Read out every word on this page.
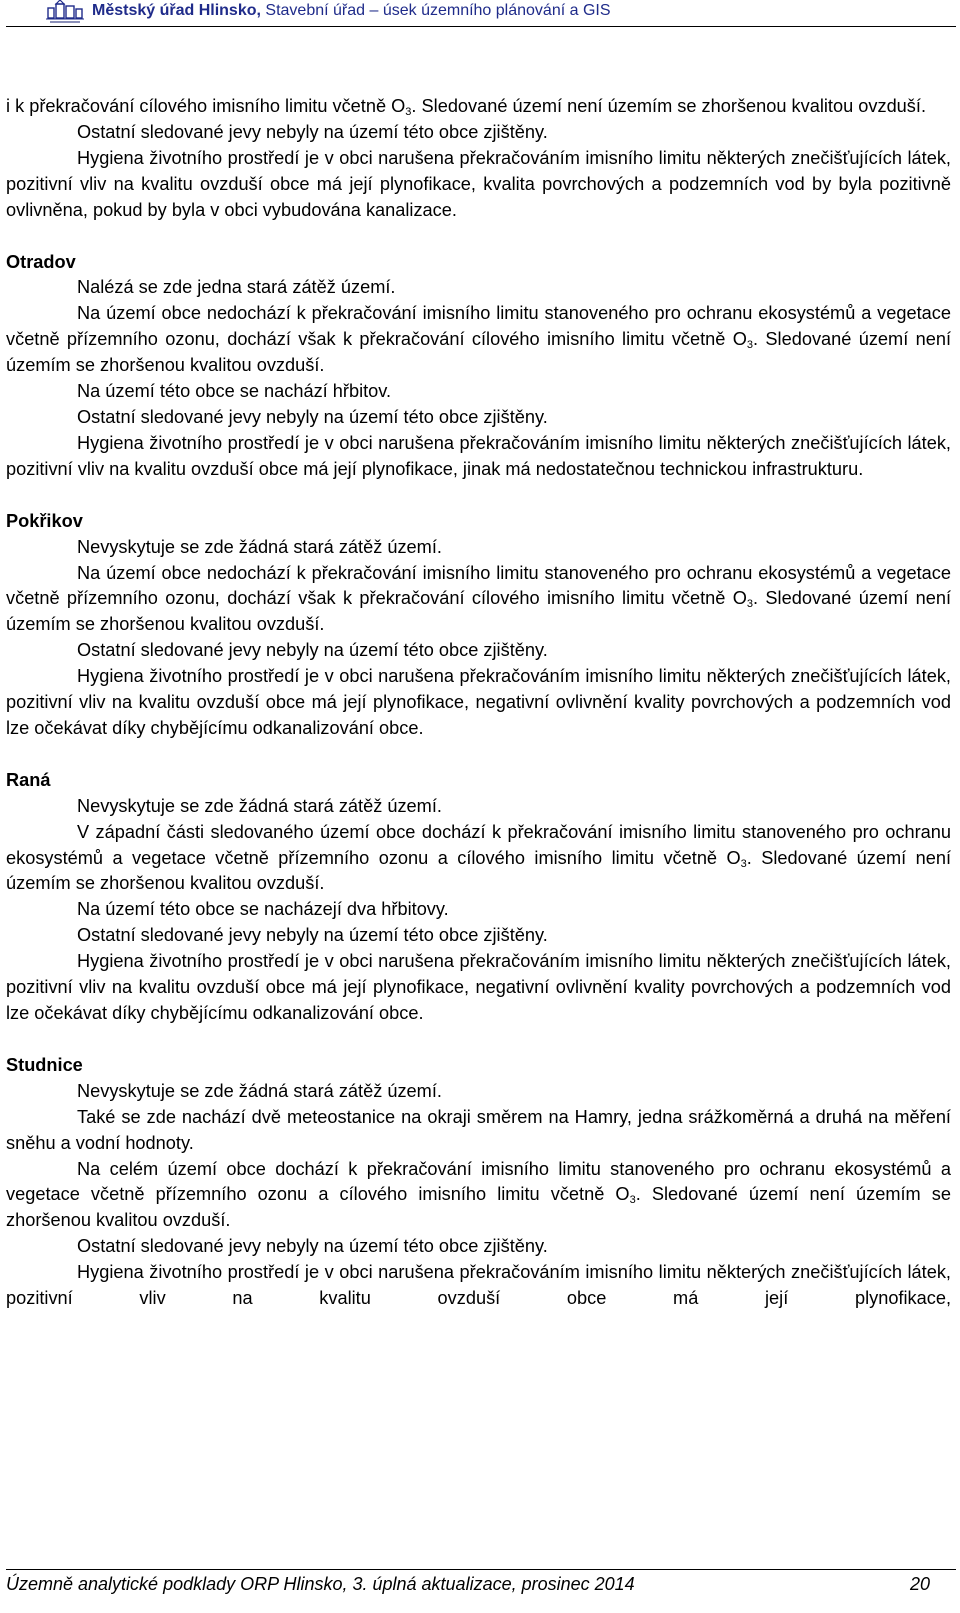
Městský úřad Hlinsko, Stavební úřad – úsek územního plánování a GIS

i k překračování cílového imisního limitu včetně $O_3$. Sledované území není územím se zhoršenou kvalitou ovzduší.

Ostatní sledované jevy nebyly na území této obce zjištěny.

Hygiena životního prostředí je v obci narušena překračováním imisního limitu některých znečišťujících látek, pozitivní vliv na kvalitu ovzduší obce má její plynofikace, kvalita povrchových a podzemních vod by byla pozitivně ovlivněna, pokud by byla v obci vybudována kanalizace.

Otradov

Nalézá se zde jedna stará zátěž území.

Na území obce nedochází k překračování imisního limitu stanoveného pro ochranu ekosystémů a vegetace včetně přízemního ozonu, dochází však k překračování cílového imisního limitu včetně $O_3$. Sledované území není územím se zhoršenou kvalitou ovzduší.

Na území této obce se nachází hřbitov.

Ostatní sledované jevy nebyly na území této obce zjištěny.

Hygiena životního prostředí je v obci narušena překračováním imisního limitu některých znečišťujících látek, pozitivní vliv na kvalitu ovzduší obce má její plynofikace, jinak má nedostatečnou technickou infrastrukturu.

Pokřikov

Nevyskytuje se zde žádná stará zátěž území.

Na území obce nedochází k překračování imisního limitu stanoveného pro ochranu ekosystémů a vegetace včetně přízemního ozonu, dochází však k překračování cílového imisního limitu včetně $O_3$. Sledované území není územím se zhoršenou kvalitou ovzduší.

Ostatní sledované jevy nebyly na území této obce zjištěny.

Hygiena životního prostředí je v obci narušena překračováním imisního limitu některých znečišťujících látek, pozitivní vliv na kvalitu ovzduší obce má její plynofikace, negativní ovlivnění kvality povrchových a podzemních vod lze očekávat díky chybějícímu odkanalizování obce.

Raná

Nevyskytuje se zde žádná stará zátěž území.

V západní části sledovaného území obce dochází k překračování imisního limitu stanoveného pro ochranu ekosystémů a vegetace včetně přízemního ozonu a cílového imisního limitu včetně $O_3$. Sledované území není územím se zhoršenou kvalitou ovzduší.

Na území této obce se nacházejí dva hřbitovy.

Ostatní sledované jevy nebyly na území této obce zjištěny.

Hygiena životního prostředí je v obci narušena překračováním imisního limitu některých znečišťujících látek, pozitivní vliv na kvalitu ovzduší obce má její plynofikace, negativní ovlivnění kvality povrchových a podzemních vod lze očekávat díky chybějícímu odkanalizování obce.

Studnice

Nevyskytuje se zde žádná stará zátěž území.

Také se zde nachází dvě meteostanice na okraji směrem na Hamry, jedna srážkoměrná a druhá na měření sněhu a vodní hodnoty.

Na celém území obce dochází k překračování imisního limitu stanoveného pro ochranu ekosystémů a vegetace včetně přízemního ozonu a cílového imisního limitu včetně $O_3$. Sledované území není územím se zhoršenou kvalitou ovzduší.

Ostatní sledované jevy nebyly na území této obce zjištěny.

Hygiena životního prostředí je v obci narušena překračováním imisního limitu některých znečišťujících látek, pozitivní vliv na kvalitu ovzduší obce má její plynofikace,

Územně analytické podklady ORP Hlinsko, 3. úplná aktualizace, prosinec 2014	20
